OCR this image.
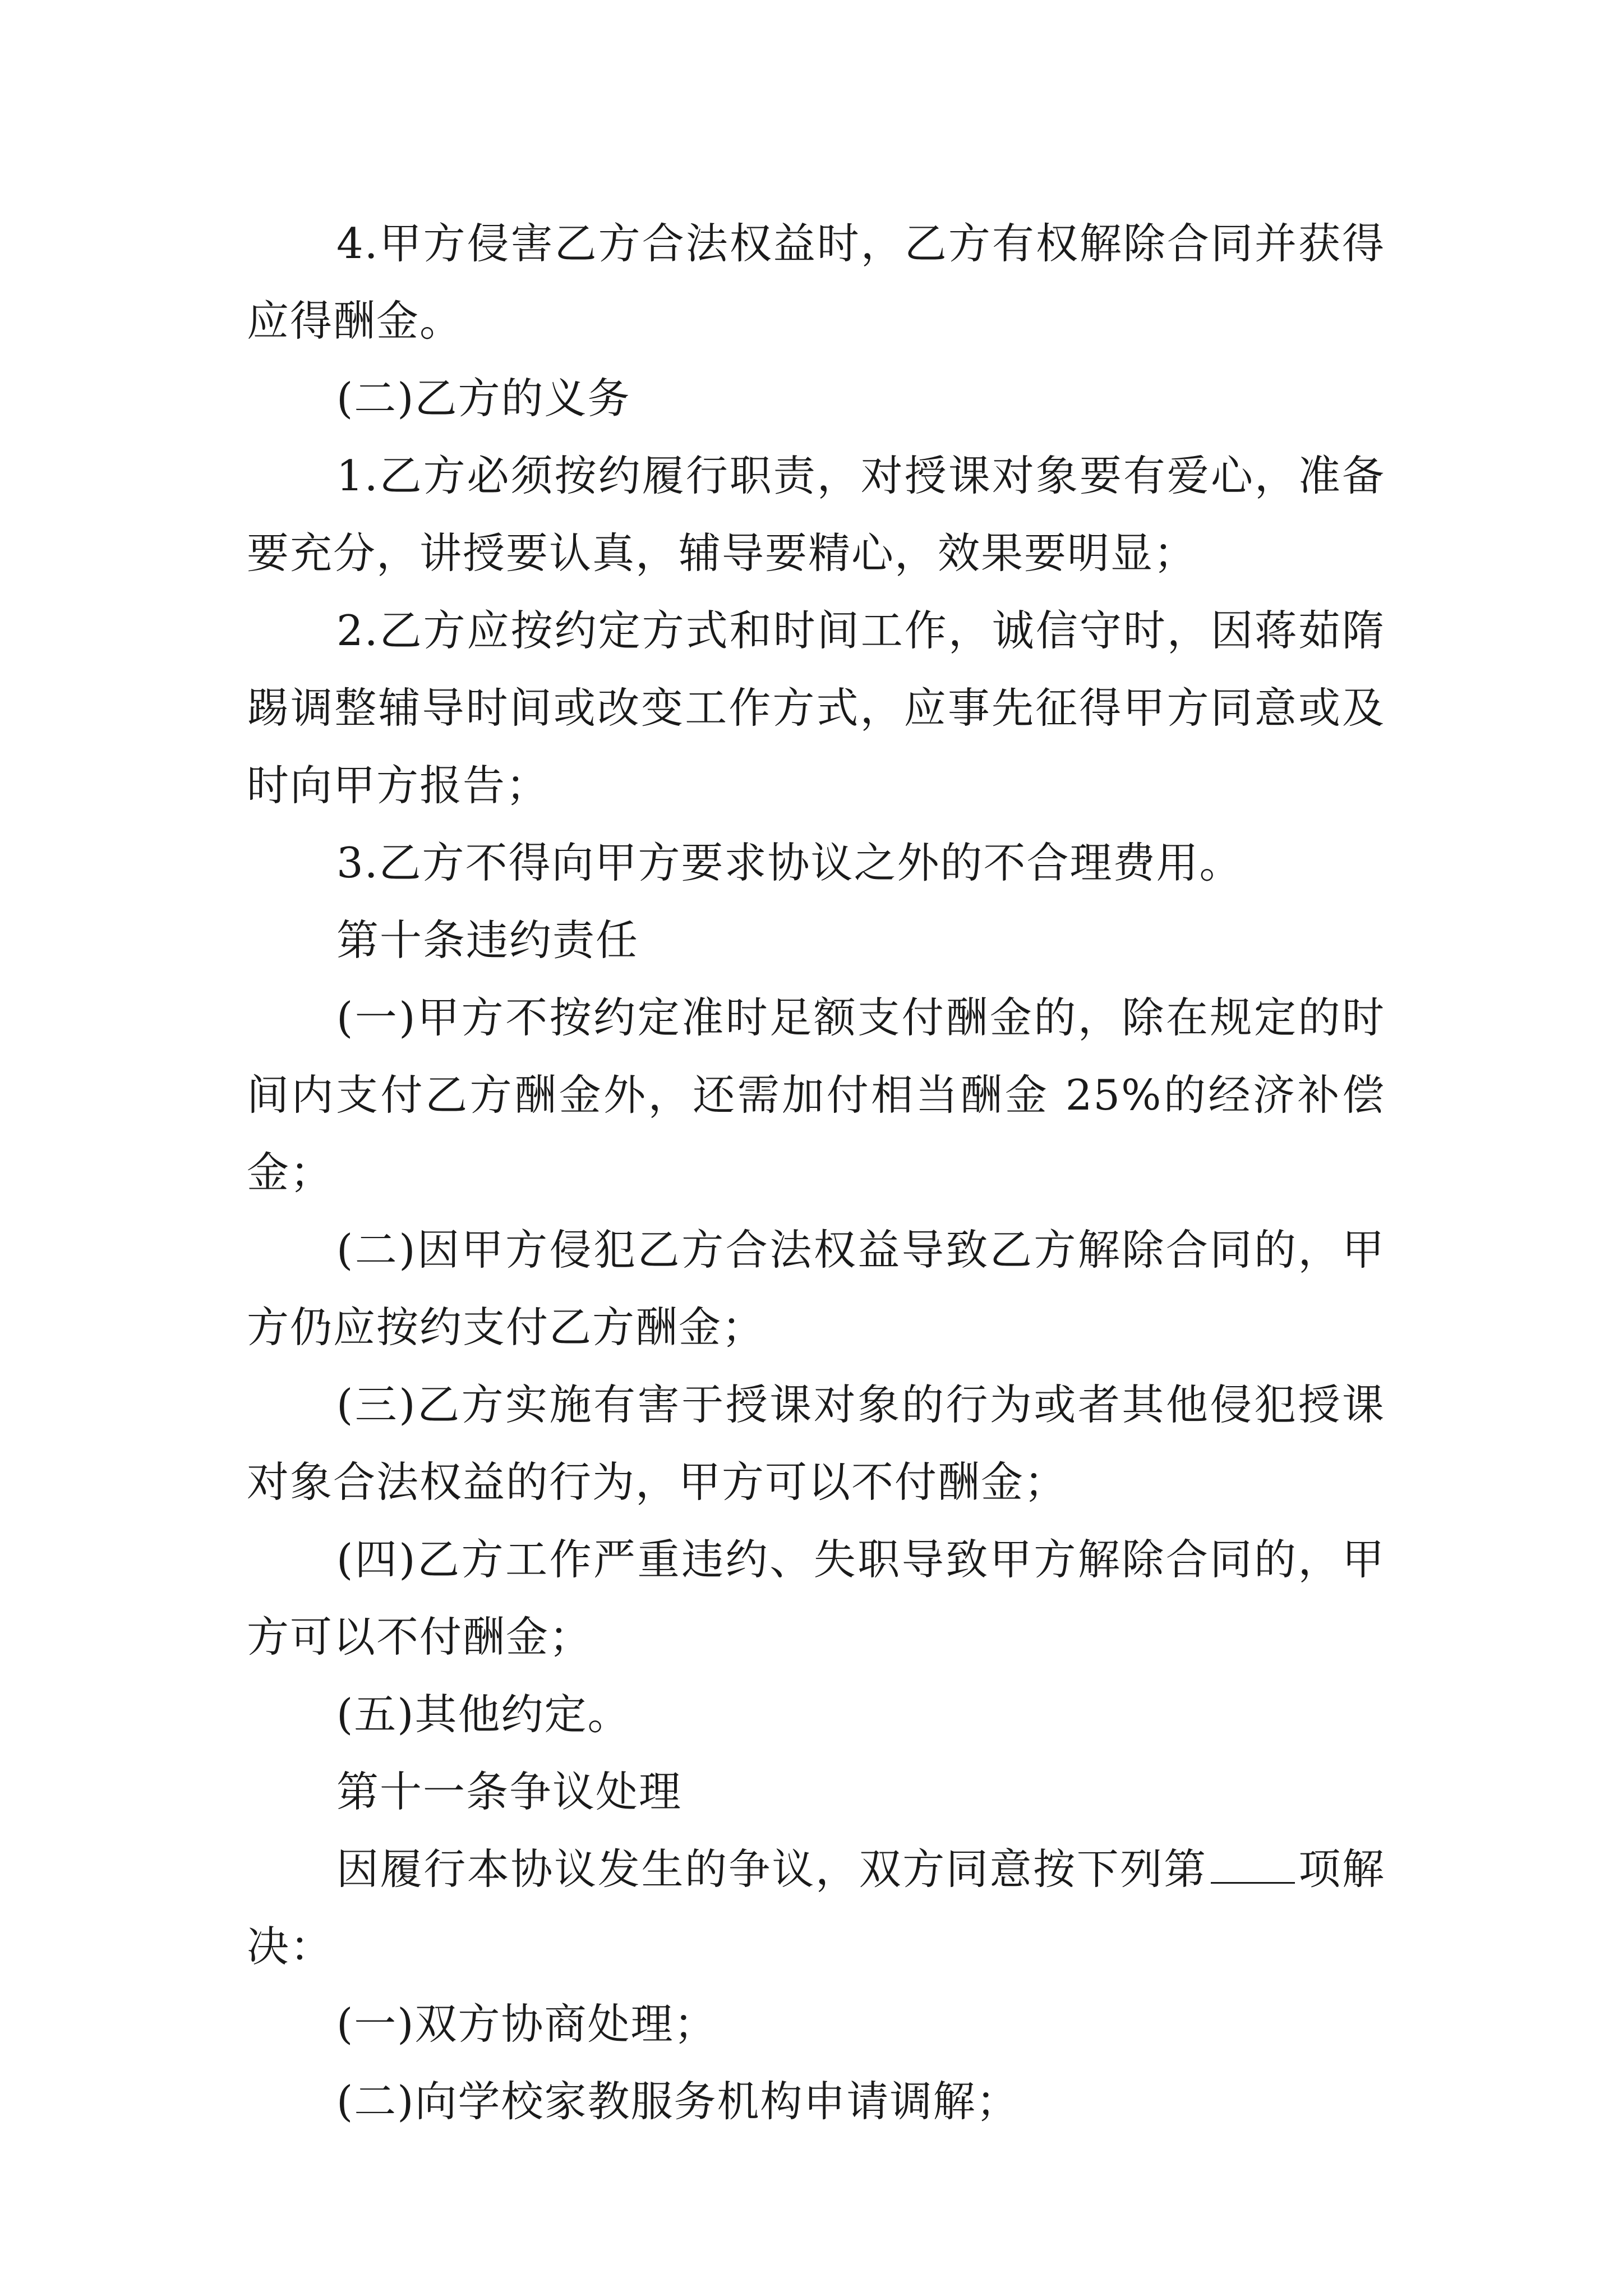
4.甲方侵害乙方合法权益时，乙方有权解除合同并获得应得酬金。

(二)乙方的义务

1.乙方必须按约履行职责，对授课对象要有爱心，准备要充分，讲授要认真，辅导要精心，效果要明显；

2.乙方应按约定方式和时间工作，诚信守时，因蒋茹隋踢调整辅导时间或改变工作方式，应事先征得甲方同意或及时向甲方报告；

3.乙方不得向甲方要求协议之外的不合理费用。

第十条违约责任

(一)甲方不按约定准时足额支付酬金的，除在规定的时间内支付乙方酬金外，还需加付相当酬金 25%的经济补偿金；

(二)因甲方侵犯乙方合法权益导致乙方解除合同的，甲方仍应按约支付乙方酬金；

(三)乙方实施有害于授课对象的行为或者其他侵犯授课对象合法权益的行为，甲方可以不付酬金；

(四)乙方工作严重违约、失职导致甲方解除合同的，甲方可以不付酬金；

(五)其他约定。

第十一条争议处理

因履行本协议发生的争议，双方同意按下列第 项解决：

(一)双方协商处理；

(二)向学校家教服务机构申请调解；
